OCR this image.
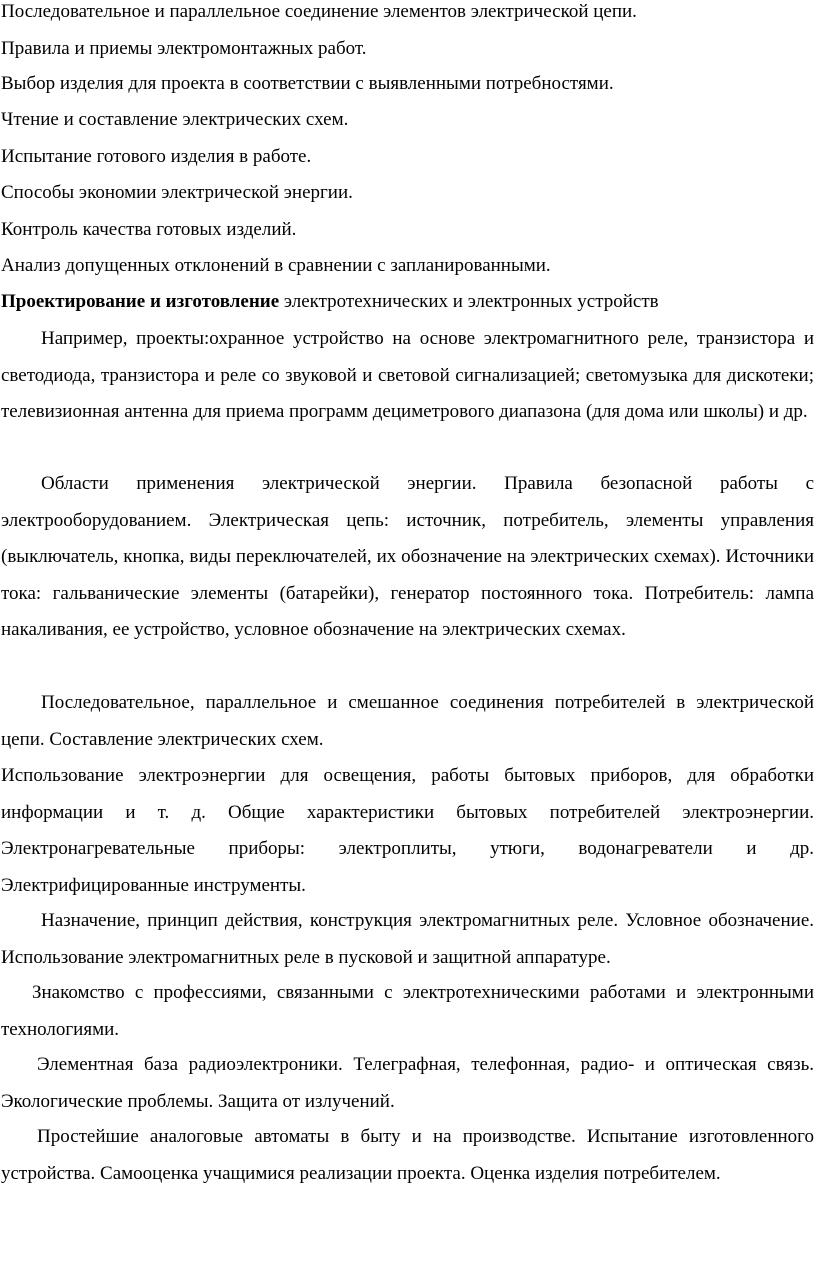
Последовательное и параллельное соединение элементов электрической цепи.
Правила и приемы электромонтажных работ.
Выбор изделия для проекта в соответствии с выявленными потребностями.
Чтение и составление электрических схем.
Испытание готового изделия в работе.
Способы экономии электрической энергии.
Контроль качества готовых изделий.
Анализ допущенных отклонений в сравнении с запланированными.
Проектирование и изготовление электротехнических и электронных устройств

Например, проекты:охранное устройство на основе электромагнитного реле, транзистора и светодиода, транзистора и реле со звуковой и световой сигнализацией; светомузыка для дискотеки; телевизионная антенна для приема программ дециметрового диапазона (для дома или школы) и др.

Области применения электрической энергии. Правила безопасной работы с электрооборудованием. Электрическая цепь: источник, потребитель, элементы управления (выключатель, кнопка, виды переключателей, их обозначение на электрических схемах). Источники тока: гальванические элементы (батарейки), генератор постоянного тока. Потребитель: лампа накаливания, ее устройство, условное обозначение на электрических схемах.

Последовательное, параллельное и смешанное соединения потребителей в электрической цепи. Составление электрических схем.

Использование электроэнергии для освещения, работы бытовых приборов, для обработки информации и т. д. Общие характеристики бытовых потребителей электроэнергии. Электронагревательные приборы: электроплиты, утюги, водонагреватели и др. Электрифицированные инструменты.

Назначение, принцип действия, конструкция электромагнитных реле. Условное обозначение. Использование электромагнитных реле в пусковой и защитной аппаратуре.

Знакомство с профессиями, связанными с электротехническими работами и электронными технологиями.

Элементная база радиоэлектроники. Телеграфная, телефонная, радио- и оптическая связь. Экологические проблемы. Защита от излучений.

Простейшие аналоговые автоматы в быту и на производстве. Испытание изготовленного устройства. Самооценка учащимися реализации проекта. Оценка изделия потребителем.
